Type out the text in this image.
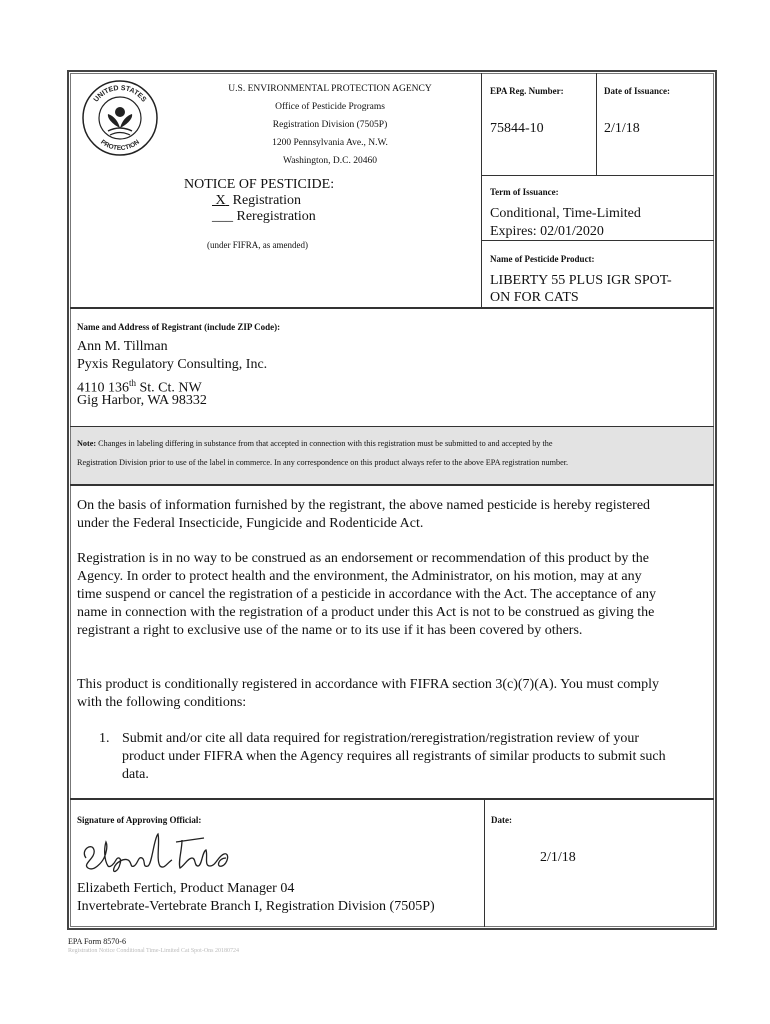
UNITED STATES
PROTECTION
U.S. ENVIRONMENTAL PROTECTION AGENCY
Office of Pesticide Programs
Registration Division (7505P)
1200 Pennsylvania Ave., N.W.
Washington, D.C. 20460
NOTICE OF PESTICIDE:
X Registration
___ Reregistration
(under FIFRA, as amended)
EPA Reg. Number:
75844-10
Date of Issuance:
2/1/18
Term of Issuance:
Conditional, Time-Limited
Expires: 02/01/2020
Name of Pesticide Product:
LIBERTY 55 PLUS IGR SPOT-
ON FOR CATS
Name and Address of Registrant (include ZIP Code):
Ann M. Tillman
Pyxis Regulatory Consulting, Inc.
4110 136th St. Ct. NW
Gig Harbor, WA 98332
Note: Changes in labeling differing in substance from that accepted in connection with this registration must be submitted to and accepted by the
Registration Division prior to use of the label in commerce. In any correspondence on this product always refer to the above EPA registration number.
On the basis of information furnished by the registrant, the above named pesticide is hereby registered
under the Federal Insecticide, Fungicide and Rodenticide Act.
Registration is in no way to be construed as an endorsement or recommendation of this product by the
Agency. In order to protect health and the environment, the Administrator, on his motion, may at any
time suspend or cancel the registration of a pesticide in accordance with the Act. The acceptance of any
name in connection with the registration of a product under this Act is not to be construed as giving the
registrant a right to exclusive use of the name or to its use if it has been covered by others.
This product is conditionally registered in accordance with FIFRA section 3(c)(7)(A). You must comply
with the following conditions:
1. Submit and/or cite all data required for registration/reregistration/registration review of your
product under FIFRA when the Agency requires all registrants of similar products to submit such
data.
Signature of Approving Official:
Elizabeth Fertich, Product Manager 04
Invertebrate-Vertebrate Branch I, Registration Division (7505P)
Date:
2/1/18
EPA Form 8570-6
Registration Notice Conditional Time-Limited Cat Spot-Ons 20180724
